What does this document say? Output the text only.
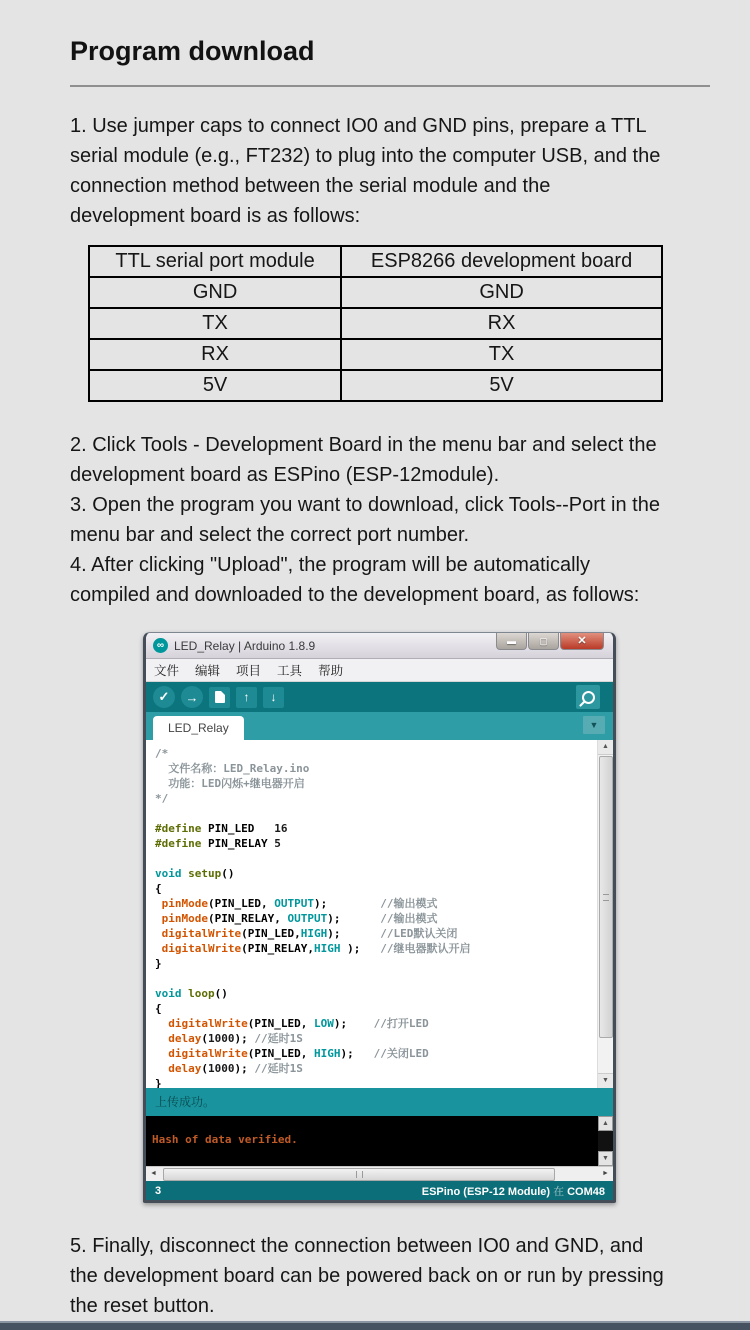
Program download

1. Use jumper caps to connect IO0 and GND pins, prepare a TTL serial module (e.g., FT232) to plug into the computer USB, and the connection method between the serial module and the development board is as follows:

TTL serial port module	ESP8266 development board
GND	GND
TX	RX
RX	TX
5V	5V

2. Click Tools - Development Board in the menu bar and select the development board as ESPino (ESP-12module).

3. Open the program you want to download, click Tools--Port in the menu bar and select the correct port number.

4. After clicking "Upload", the program will be automatically compiled and downloaded to the development board, as follows:

∞ LED_Relay | Arduino 1.8.9	▬	▢	✕
文件 编辑 项目 工具 帮助
✓	→	↑	↓
LED_Relay	▼
/*
文件名称：LED_Relay.ino
功能：LED闪烁+继电器开启
*/

#define PIN_LED   16
#define PIN_RELAY 5

void setup()
{
pinMode(PIN_LED, OUTPUT);        //输出模式
pinMode(PIN_RELAY, OUTPUT);      //输出模式
digitalWrite(PIN_LED,HIGH);      //LED默认关闭
digitalWrite(PIN_RELAY,HIGH );   //继电器默认开启
}

void loop()
{
digitalWrite(PIN_LED, LOW);    //打开LED
delay(1000); //延时1S
digitalWrite(PIN_LED, HIGH);   //关闭LED
delay(1000); //延时1S
}
▲
▼
上传成功。

Hash of data verified.

▲
▼
◄	►
3	ESPino (ESP-12 Module) 在 COM48

5. Finally, disconnect the connection between IO0 and GND, and the development board can be powered back on or run by pressing the reset button.
